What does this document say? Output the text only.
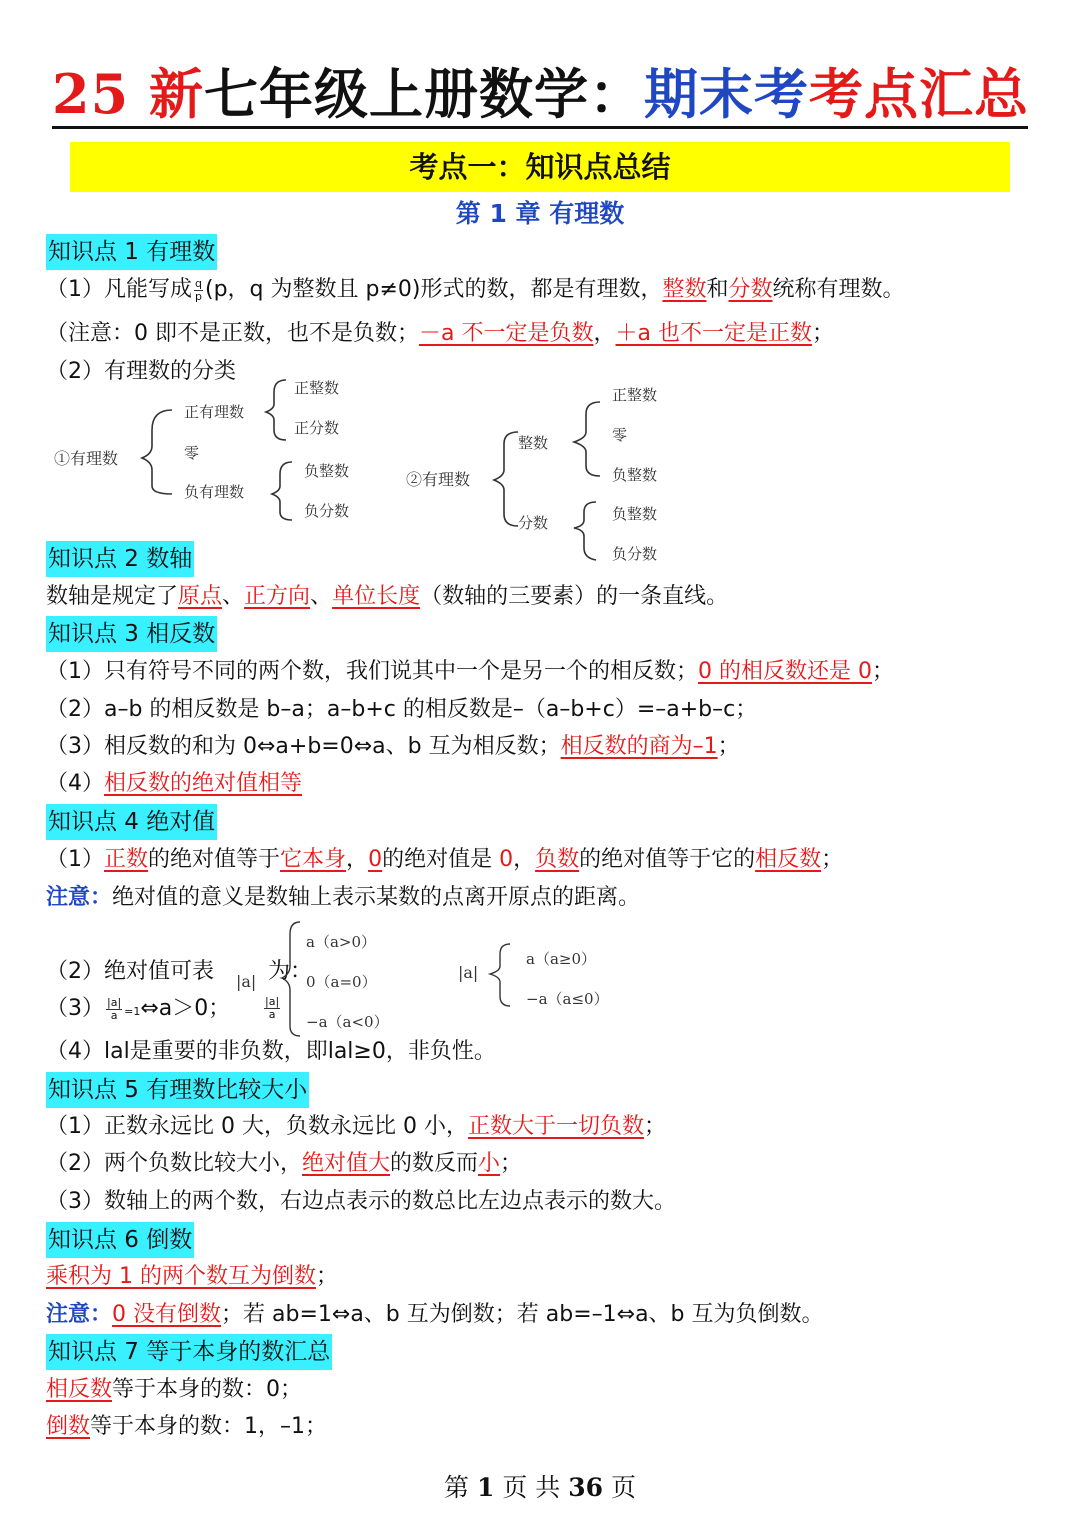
25 新七年级上册数学：期末考考点汇总
考点一：知识点总结
第 1 章 有理数
知识点 1 有理数
（1）凡能写成 $\frac{q}{p} (p$，q 为整数且 p≠0)形式的数，都是有理数，整数和分数统称有理数。
（注意：0 即不是正数，也不是负数；－a 不一定是负数，＋a 也不一定是正数；
（2）有理数的分类
①有理数
正有理数
正整数
正分数
零
负有理数
负整数
负分数
②有理数
整数
正整数
零
负整数
分数	负整数
负分数
知识点 2 数轴
数轴是规定了原点、正方向、单位长度（数轴的三要素）的一条直线。
知识点 3 相反数
（1）只有符号不同的两个数，我们说其中一个是另一个的相反数；0 的相反数还是 0；
（2）a–b 的相反数是 b–a；a–b+c 的相反数是–（a–b+c）=–a+b–c；
（3）相反数的和为 0⇔a+b=0⇔a、b 互为相反数；相反数的商为–1；
（4）相反数的绝对值相等
知识点 4 绝对值
（1）正数的绝对值等于它本身，0的绝对值是 0，负数的绝对值等于它的相反数；
注意：绝对值的意义是数轴上表示某数的点离开原点的距离。
（2）绝对值可表 |a| 为：
$(3) \frac{|a|}{a}$ =1⇔a＞0；	$\frac{|a|}{a}$
a（a>0）
0（a=0）
−a（a<0）
|a|
a（a≥0）
−a（a≤0）
（4）lal是重要的非负数，即lal≥0，非负性。
知识点 5 有理数比较大小
（1）正数永远比 0 大，负数永远比 0 小，正数大于一切负数；
（2）两个负数比较大小，绝对值大的数反而小；
（3）数轴上的两个数，右边点表示的数总比左边点表示的数大。
知识点 6 倒数
乘积为 1 的两个数互为倒数；
注意：0 没有倒数；若 ab=1⇔a、b 互为倒数；若 ab=–1⇔a、b 互为负倒数。
知识点 7 等于本身的数汇总
相反数等于本身的数：0；
倒数等于本身的数：1，–1；
第 1 页 共 36 页
